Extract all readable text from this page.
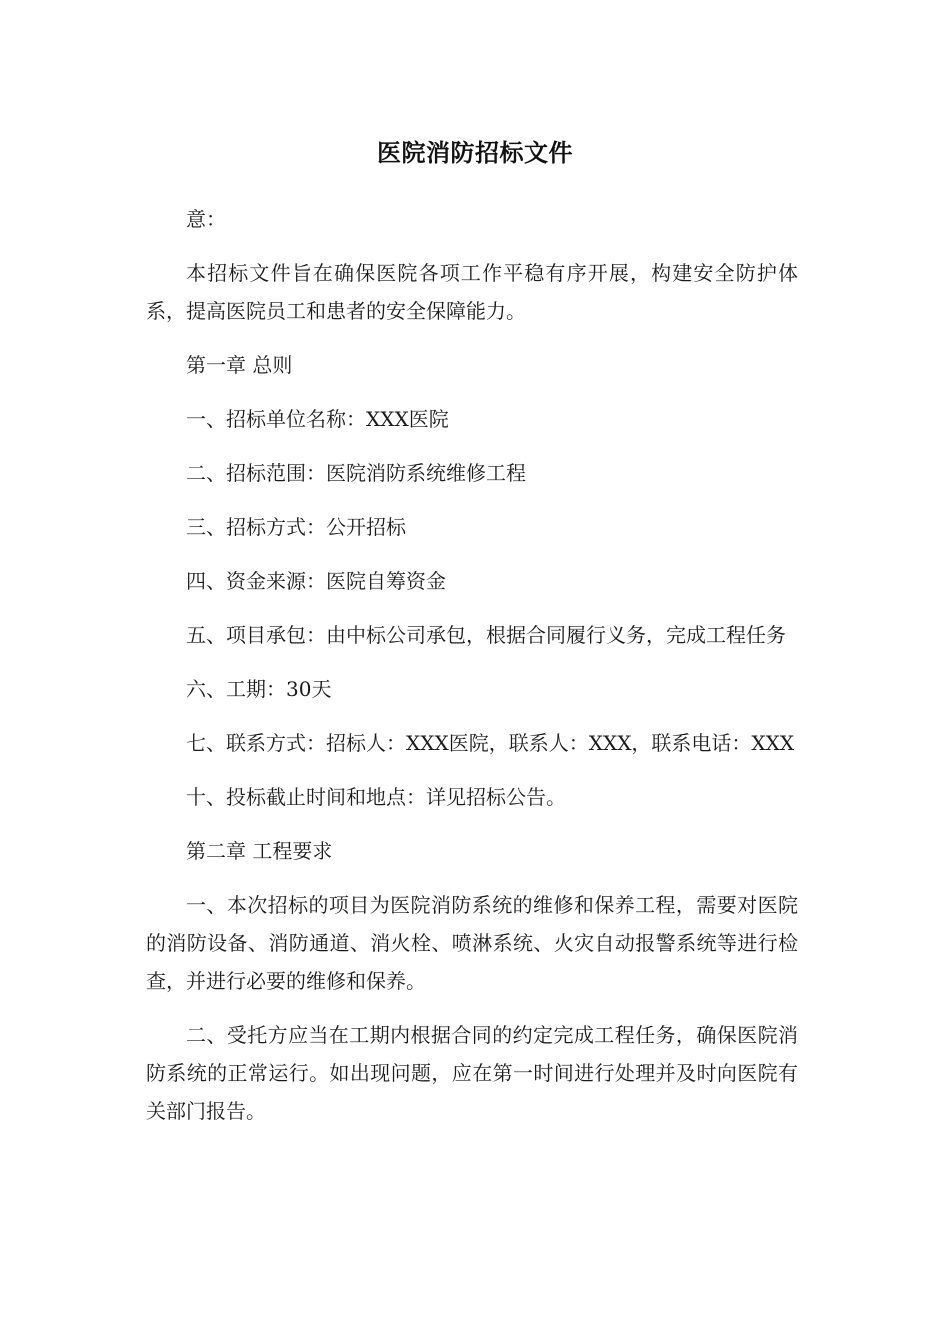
医院消防招标文件

意：

本招标文件旨在确保医院各项工作平稳有序开展，构建安全防护体系，提高医院员工和患者的安全保障能力。

第一章 总则

一、招标单位名称：XXX医院

二、招标范围：医院消防系统维修工程

三、招标方式：公开招标

四、资金来源：医院自筹资金

五、项目承包：由中标公司承包，根据合同履行义务，完成工程任务

六、工期：30天

七、联系方式：招标人：XXX医院，联系人：XXX，联系电话：XXX

十、投标截止时间和地点：详见招标公告。

第二章 工程要求

一、本次招标的项目为医院消防系统的维修和保养工程，需要对医院的消防设备、消防通道、消火栓、喷淋系统、火灾自动报警系统等进行检查，并进行必要的维修和保养。

二、受托方应当在工期内根据合同的约定完成工程任务，确保医院消防系统的正常运行。如出现问题，应在第一时间进行处理并及时向医院有关部门报告。
